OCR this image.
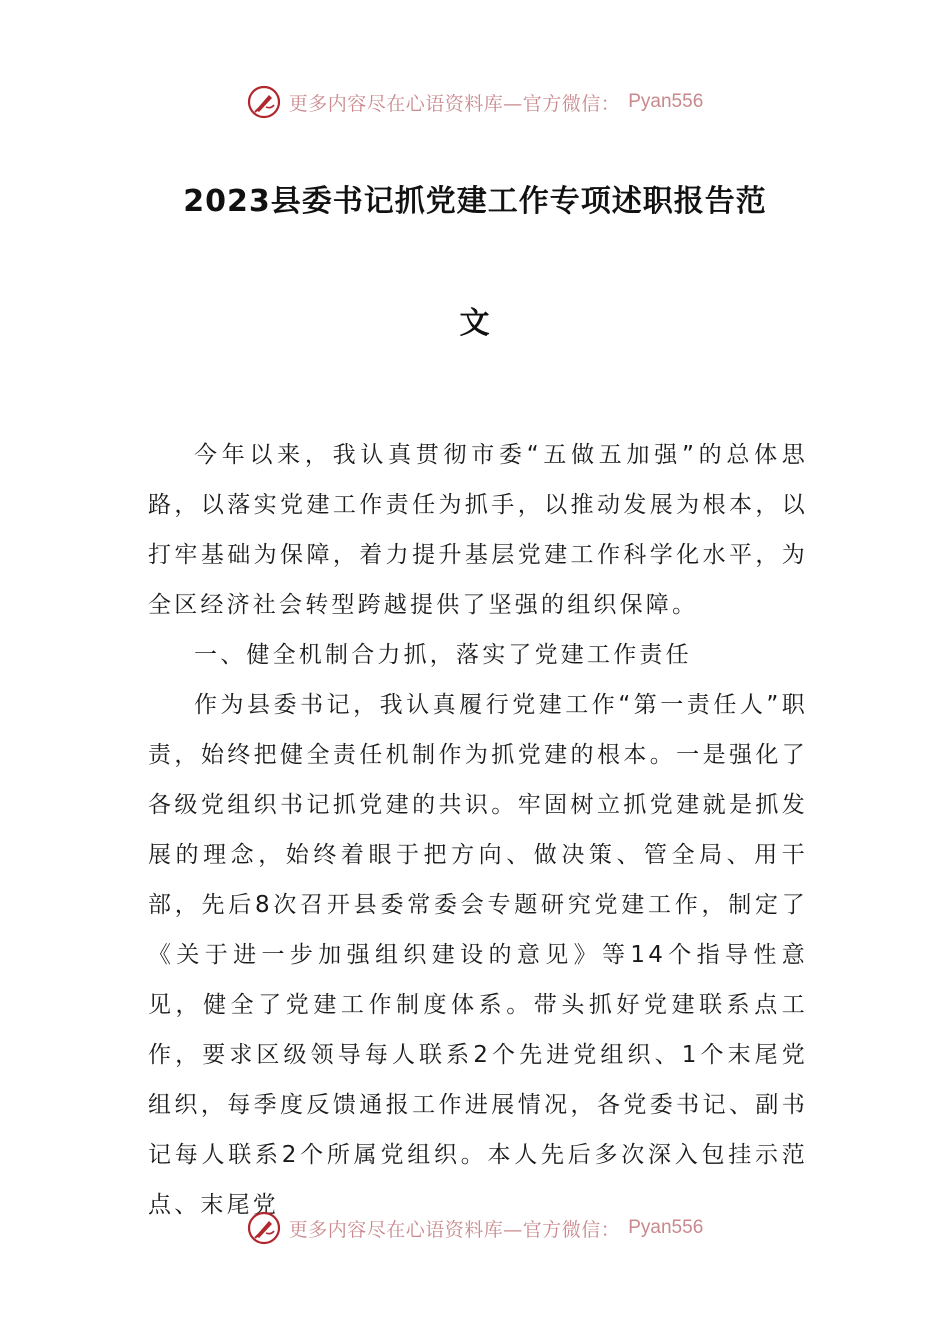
更多内容尽在心语资料库—官方微信： Pyan556
2023县委书记抓党建工作专项述职报告范
文

今年以来，我认真贯彻市委“五做五加强”的总体思路，以落实党建工作责任为抓手，以推动发展为根本，以打牢基础为保障，着力提升基层党建工作科学化水平，为全区经济社会转型跨越提供了坚强的组织保障。

一、健全机制合力抓，落实了党建工作责任

作为县委书记，我认真履行党建工作“第一责任人”职责，始终把健全责任机制作为抓党建的根本。一是强化了各级党组织书记抓党建的共识。牢固树立抓党建就是抓发展的理念，始终着眼于把方向、做决策、管全局、用干部，先后8次召开县委常委会专题研究党建工作，制定了《关于进一步加强组织建设的意见》等14个指导性意见，健全了党建工作制度体系。带头抓好党建联系点工作，要求区级领导每人联系2个先进党组织、1个末尾党组织，每季度反馈通报工作进展情况，各党委书记、副书记每人联系2个所属党组织。本人先后多次深入包挂示范点、末尾党

更多内容尽在心语资料库—官方微信： Pyan556
